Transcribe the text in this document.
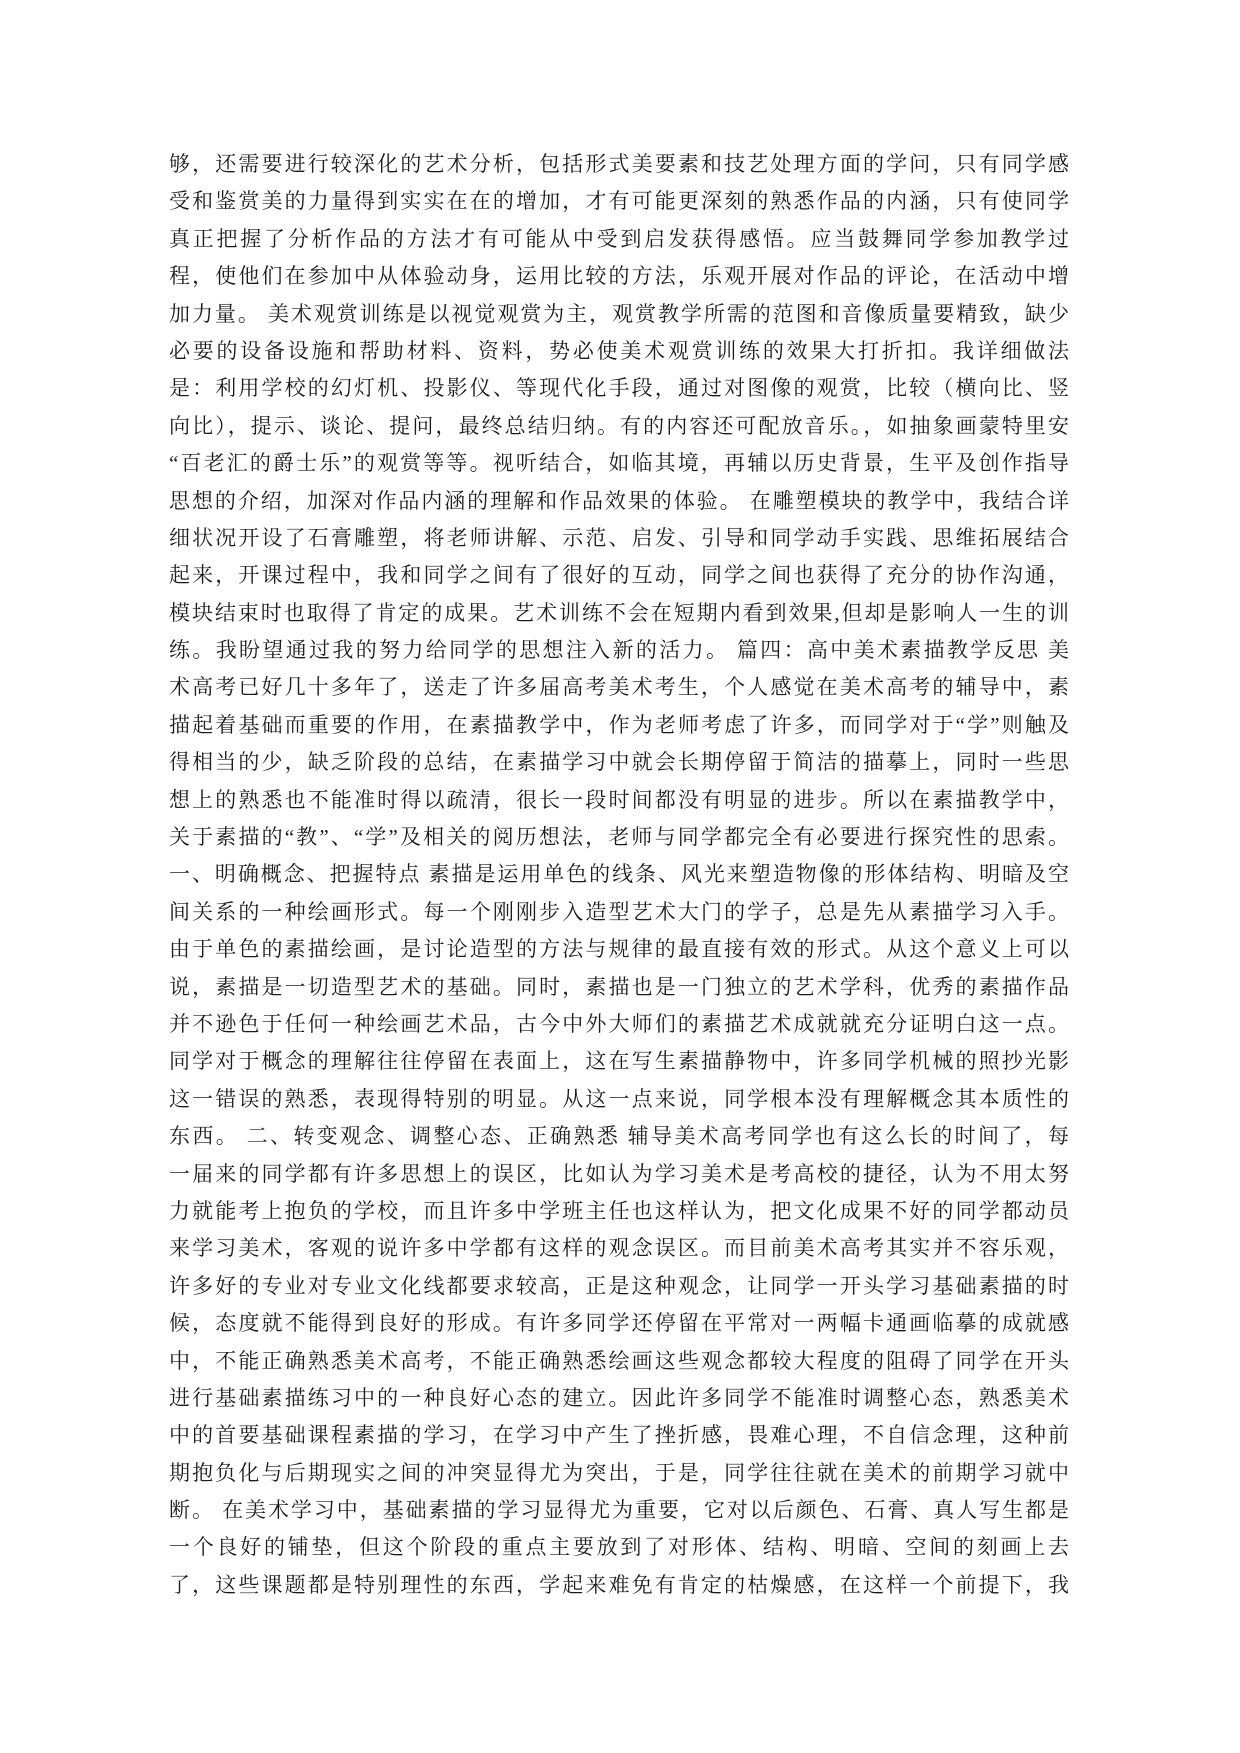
够，还需要进行较深化的艺术分析，包括形式美要素和技艺处理方面的学问，只有同学感
受和鉴赏美的力量得到实实在在的增加，才有可能更深刻的熟悉作品的内涵，只有使同学
真正把握了分析作品的方法才有可能从中受到启发获得感悟。应当鼓舞同学参加教学过
程，使他们在参加中从体验动身，运用比较的方法，乐观开展对作品的评论，在活动中增
加力量。 美术观赏训练是以视觉观赏为主，观赏教学所需的范图和音像质量要精致，缺少
必要的设备设施和帮助材料、资料，势必使美术观赏训练的效果大打折扣。我详细做法
是：利用学校的幻灯机、投影仪、等现代化手段，通过对图像的观赏，比较（横向比、竖
向比），提示、谈论、提问，最终总结归纳。有的内容还可配放音乐。，如抽象画蒙特里安
“百老汇的爵士乐”的观赏等等。视听结合，如临其境，再辅以历史背景，生平及创作指导
思想的介绍，加深对作品内涵的理解和作品效果的体验。 在雕塑模块的教学中，我结合详
细状况开设了石膏雕塑，将老师讲解、示范、启发、引导和同学动手实践、思维拓展结合
起来，开课过程中，我和同学之间有了很好的互动，同学之间也获得了充分的协作沟通，
模块结束时也取得了肯定的成果。艺术训练不会在短期内看到效果,但却是影响人一生的训
练。我盼望通过我的努力给同学的思想注入新的活力。 篇四：高中美术素描教学反思 美
术高考已好几十多年了，送走了许多届高考美术考生，个人感觉在美术高考的辅导中，素
描起着基础而重要的作用，在素描教学中，作为老师考虑了许多，而同学对于“学”则触及
得相当的少，缺乏阶段的总结，在素描学习中就会长期停留于简洁的描摹上，同时一些思
想上的熟悉也不能准时得以疏清，很长一段时间都没有明显的进步。所以在素描教学中，
关于素描的“教”、“学”及相关的阅历想法，老师与同学都完全有必要进行探究性的思索。
一、明确概念、把握特点 素描是运用单色的线条、风光来塑造物像的形体结构、明暗及空
间关系的一种绘画形式。每一个刚刚步入造型艺术大门的学子，总是先从素描学习入手。
由于单色的素描绘画，是讨论造型的方法与规律的最直接有效的形式。从这个意义上可以
说，素描是一切造型艺术的基础。同时，素描也是一门独立的艺术学科，优秀的素描作品
并不逊色于任何一种绘画艺术品，古今中外大师们的素描艺术成就就充分证明白这一点。
同学对于概念的理解往往停留在表面上，这在写生素描静物中，许多同学机械的照抄光影
这一错误的熟悉，表现得特别的明显。从这一点来说，同学根本没有理解概念其本质性的
东西。 二、转变观念、调整心态、正确熟悉 辅导美术高考同学也有这么长的时间了，每
一届来的同学都有许多思想上的误区，比如认为学习美术是考高校的捷径，认为不用太努
力就能考上抱负的学校，而且许多中学班主任也这样认为，把文化成果不好的同学都动员
来学习美术，客观的说许多中学都有这样的观念误区。而目前美术高考其实并不容乐观，
许多好的专业对专业文化线都要求较高，正是这种观念，让同学一开头学习基础素描的时
候，态度就不能得到良好的形成。有许多同学还停留在平常对一两幅卡通画临摹的成就感
中，不能正确熟悉美术高考，不能正确熟悉绘画这些观念都较大程度的阻碍了同学在开头
进行基础素描练习中的一种良好心态的建立。因此许多同学不能准时调整心态，熟悉美术
中的首要基础课程素描的学习，在学习中产生了挫折感，畏难心理，不自信念理，这种前
期抱负化与后期现实之间的冲突显得尤为突出，于是，同学往往就在美术的前期学习就中
断。 在美术学习中，基础素描的学习显得尤为重要，它对以后颜色、石膏、真人写生都是
一个良好的铺垫，但这个阶段的重点主要放到了对形体、结构、明暗、空间的刻画上去
了，这些课题都是特别理性的东西，学起来难免有肯定的枯燥感，在这样一个前提下，我
